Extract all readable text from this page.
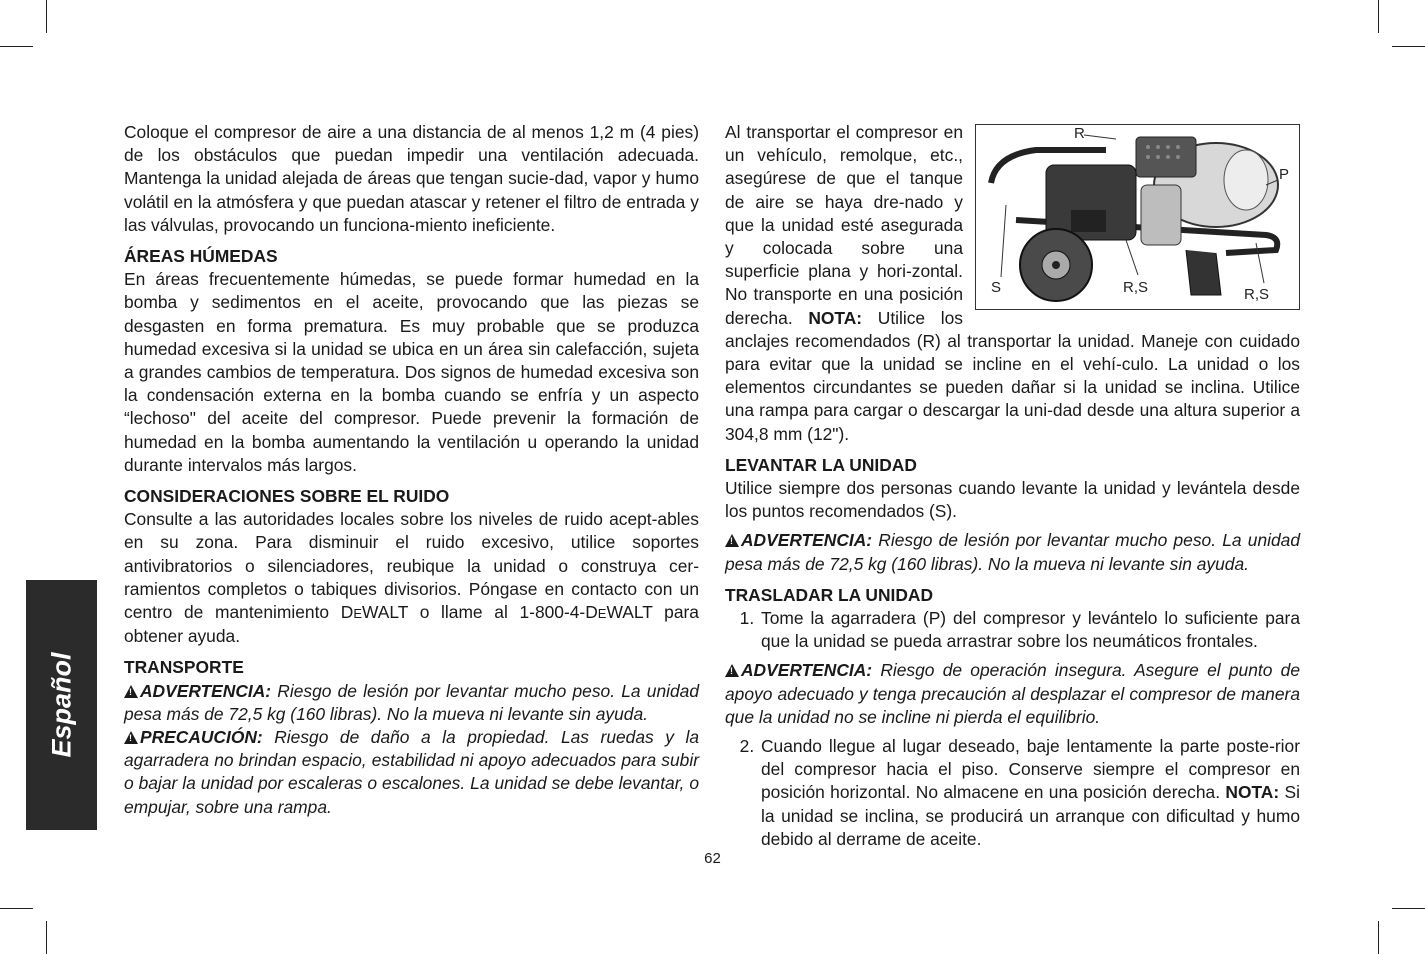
Español

Coloque el compresor de aire a una distancia de al menos 1,2 m (4 pies) de los obstáculos que puedan impedir una ventilación adecuada. Mantenga la unidad alejada de áreas que tengan sucie-dad, vapor y humo volátil en la atmósfera y que puedan atascar y retener el filtro de entrada y las válvulas, provocando un funciona-miento ineficiente.

ÁREAS HÚMEDAS

En áreas frecuentemente húmedas, se puede formar humedad en la bomba y sedimentos en el aceite, provocando que las piezas se desgasten en forma prematura. Es muy probable que se produzca humedad excesiva si la unidad se ubica en un área sin calefacción, sujeta a grandes cambios de temperatura. Dos signos de humedad excesiva son la condensación externa en la bomba cuando se enfría y un aspecto “lechoso" del aceite del compresor. Puede prevenir la formación de humedad en la bomba aumentando la ventilación u operando la unidad durante intervalos más largos.

CONSIDERACIONES SOBRE EL RUIDO

Consulte a las autoridades locales sobre los niveles de ruido acept-ables en su zona. Para disminuir el ruido excesivo, utilice soportes antivibratorios o silenciadores, reubique la unidad o construya cer-ramientos completos o tabiques divisorios. Póngase en contacto con un centro de mantenimiento DEWALT o llame al 1-800-4-DEWALT para obtener ayuda.

TRANSPORTE

!ADVERTENCIA: Riesgo de lesión por levantar mucho peso. La unidad pesa más de 72,5 kg (160 libras). No la mueva ni levante sin ayuda.

!PRECAUCIÓN: Riesgo de daño a la propiedad. Las ruedas y la agarradera no brindan espacio, estabilidad ni apoyo adecuados para subir o bajar la unidad por escaleras o escalones. La unidad se debe levantar, o empujar, sobre una rampa.

R
P
S	R,S	R,S

Al transportar el compresor en un vehículo, remolque, etc., asegúrese de que el tanque de aire se haya dre-nado y que la unidad esté asegurada y colocada sobre una superficie plana y hori-zontal. No transporte en una posición derecha. NOTA: Utilice los anclajes recomendados (R) al transportar la unidad. Maneje con cuidado para evitar que la unidad se incline en el vehí-culo. La unidad o los elementos circundantes se pueden dañar si la unidad se inclina. Utilice una rampa para cargar o descargar la uni-dad desde una altura superior a 304,8 mm (12").

LEVANTAR LA UNIDAD

Utilice siempre dos personas cuando levante la unidad y levántela desde los puntos recomendados (S).

!ADVERTENCIA: Riesgo de lesión por levantar mucho peso. La unidad pesa más de 72,5 kg (160 libras). No la mueva ni levante sin ayuda.

TRASLADAR LA UNIDAD

1. Tome la agarradera (P) del compresor y levántelo lo suficiente para que la unidad se pueda arrastrar sobre los neumáticos frontales.

!ADVERTENCIA: Riesgo de operación insegura. Asegure el punto de apoyo adecuado y tenga precaución al desplazar el compresor de manera que la unidad no se incline ni pierda el equilibrio.

2. Cuando llegue al lugar deseado, baje lentamente la parte poste-rior del compresor hacia el piso. Conserve siempre el compresor en posición horizontal. No almacene en una posición derecha. NOTA: Si la unidad se inclina, se producirá un arranque con dificultad y humo debido al derrame de aceite.
62
